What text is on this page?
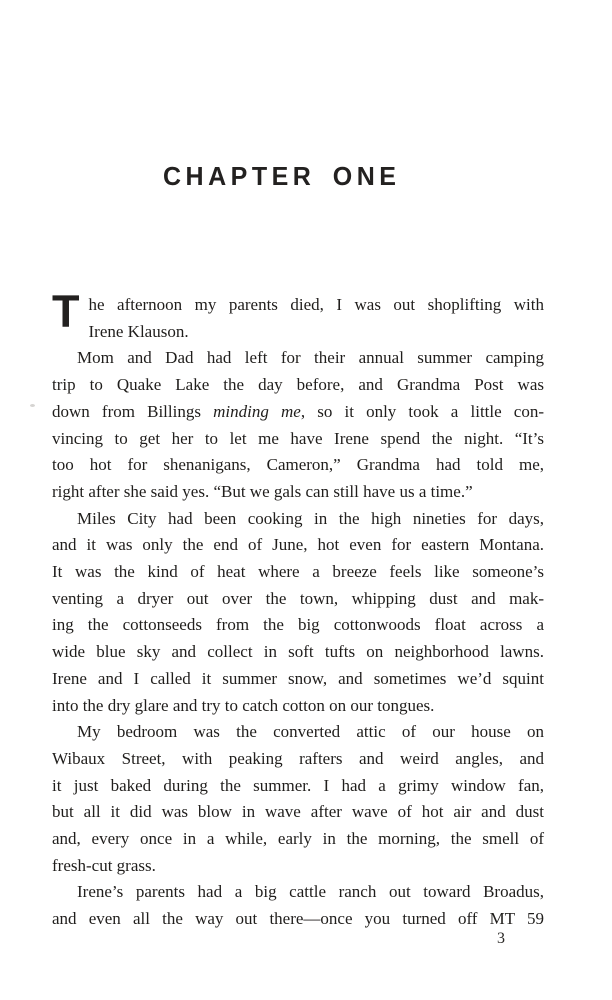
CHAPTER ONE

T he afternoon my parents died, I was out shoplifting with
Irene Klauson.

Mom and Dad had left for their annual summer camping
trip to Quake Lake the day before, and Grandma Post was
down from Billings minding me, so it only took a little con-
vincing to get her to let me have Irene spend the night. “It’s
too hot for shenanigans, Cameron,” Grandma had told me,
right after she said yes. “But we gals can still have us a time.”

Miles City had been cooking in the high nineties for days,
and it was only the end of June, hot even for eastern Montana.
It was the kind of heat where a breeze feels like someone’s
venting a dryer out over the town, whipping dust and mak-
ing the cottonseeds from the big cottonwoods float across a
wide blue sky and collect in soft tufts on neighborhood lawns.
Irene and I called it summer snow, and sometimes we’d squint
into the dry glare and try to catch cotton on our tongues.

My bedroom was the converted attic of our house on
Wibaux Street, with peaking rafters and weird angles, and
it just baked during the summer. I had a grimy window fan,
but all it did was blow in wave after wave of hot air and dust
and, every once in a while, early in the morning, the smell of
fresh-cut grass.

Irene’s parents had a big cattle ranch out toward Broadus,
and even all the way out there—once you turned off MT 59

3
